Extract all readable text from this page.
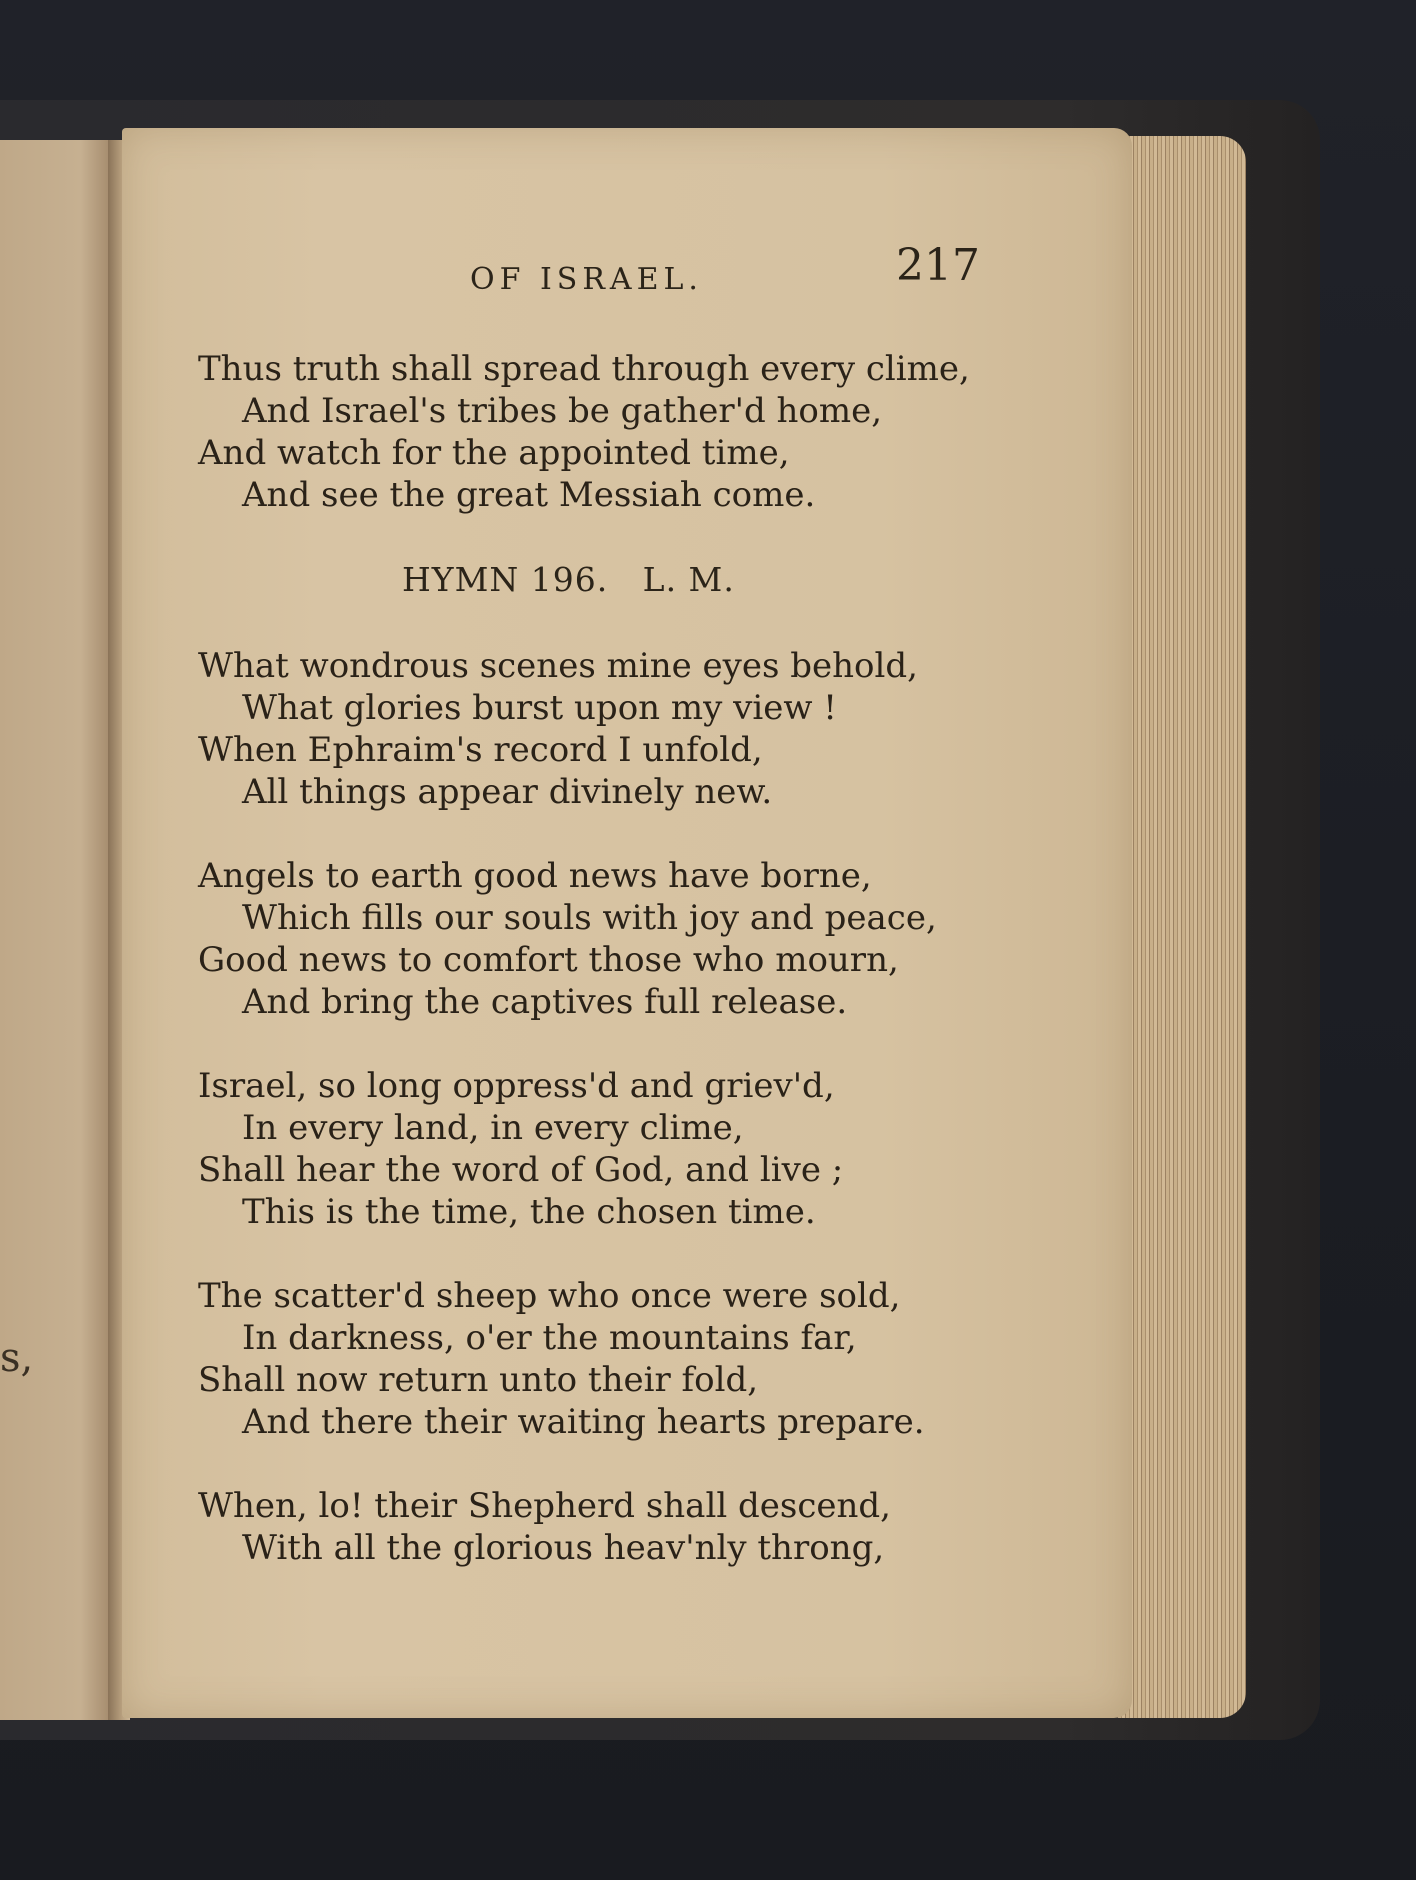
s,
OF ISRAEL.	217
Thus truth shall spread through every clime,
And Israel's tribes be gather'd home,
And watch for the appointed time,
And see the great Messiah come.
HYMN 196.   L. M.
What wondrous scenes mine eyes behold,
What glories burst upon my view !
When Ephraim's record I unfold,
All things appear divinely new.
Angels to earth good news have borne,
Which fills our souls with joy and peace,
Good news to comfort those who mourn,
And bring the captives full release.
Israel, so long oppress'd and griev'd,
In every land, in every clime,
Shall hear the word of God, and live ;
This is the time, the chosen time.
The scatter'd sheep who once were sold,
In darkness, o'er the mountains far,
Shall now return unto their fold,
And there their waiting hearts prepare.
When, lo! their Shepherd shall descend,
With all the glorious heav'nly throng,
